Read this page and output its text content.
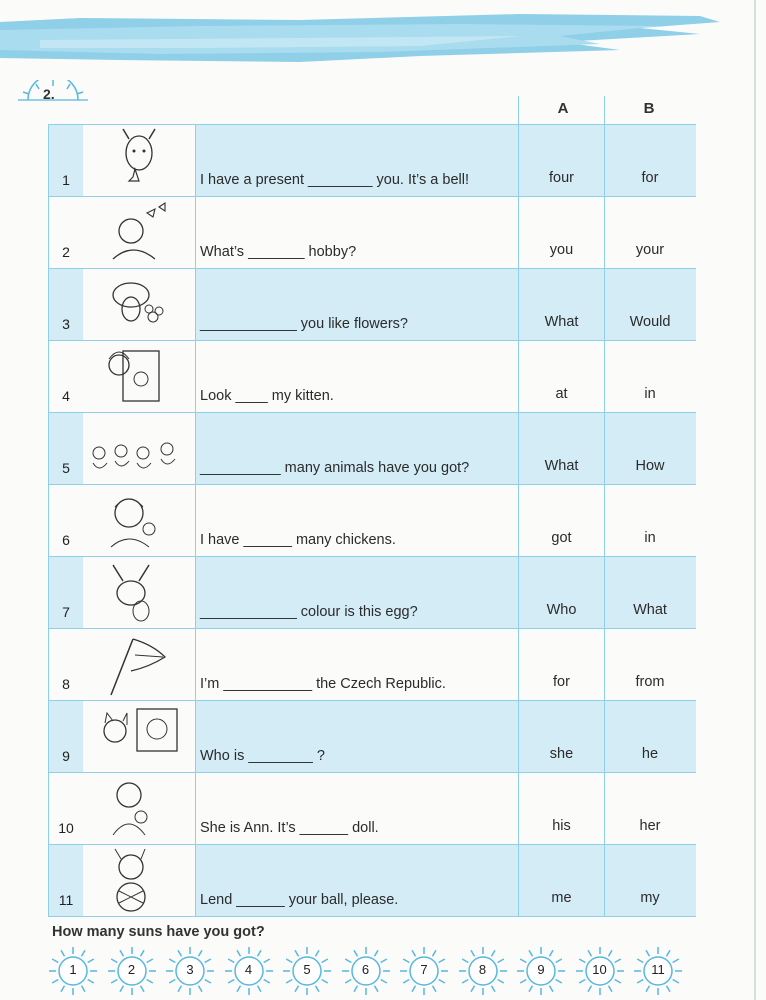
2.
A	B
1	I have a present ________ you. It’s a bell!	four	for
2	What’s _______ hobby?	you	your
3	____________ you like flowers?	What	Would
4	Look ____ my kitten.	at	in
5	__________ many animals have you got?	What	How
6	I have ______ many chickens.	got	in
7	____________ colour is this egg?	Who	What
8	I’m ___________ the Czech Republic.	for	from
9	Who is ________ ?	she	he
10	She is Ann. It’s ______ doll.	his	her
11	Lend ______ your ball, please.	me	my
How many suns have you got?
1	2	3	4	5	6	7	8	9	10	11
